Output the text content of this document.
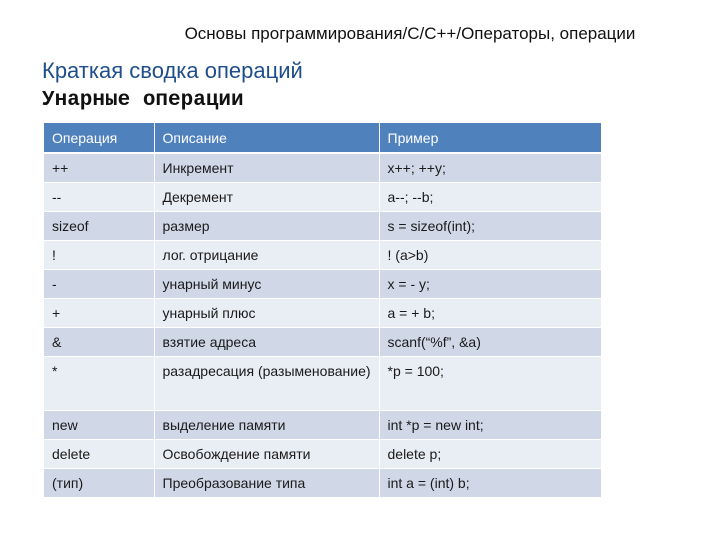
Основы программирования/C/C++/Операторы, операции
Краткая сводка операций
Унарные операции
Операция	Описание	Пример
++	Инкремент	x++; ++y;
--	Декремент	a--; --b;
sizeof	размер	s = sizeof(int);
!	лог. отрицание	! (a>b)
-	унарный минус	x = - y;
+	унарный плюс	a = + b;
&	взятие адреса	scanf(“%f”, &a)
*	разадресация (разыменование)	*p = 100;
new	выделение памяти	int *p = new int;
delete	Освобождение памяти	delete p;
(тип)	Преобразование типа	int a = (int) b;
